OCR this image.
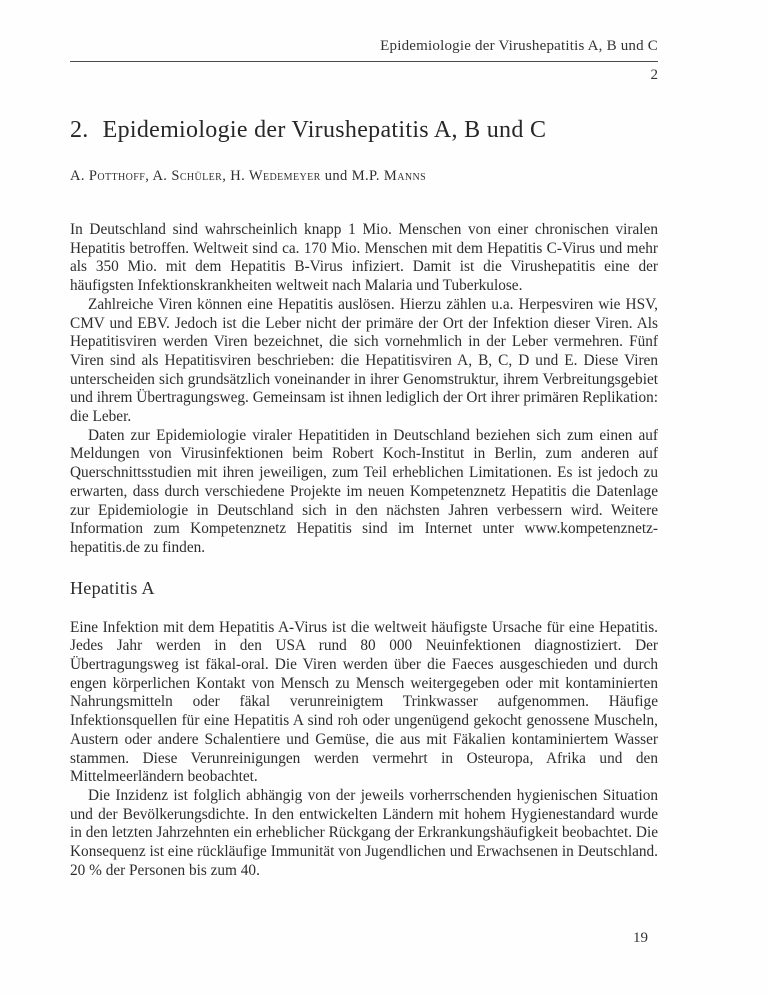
Epidemiologie der Virushepatitis A, B und C
2
2. Epidemiologie der Virushepatitis A, B und C
A. Potthoff, A. Schüler, H. Wedemeyer und M.P. Manns

In Deutschland sind wahrscheinlich knapp 1 Mio. Menschen von einer chronischen viralen Hepatitis betroffen. Weltweit sind ca. 170 Mio. Menschen mit dem Hepatitis C-Virus und mehr als 350 Mio. mit dem Hepatitis B-Virus infiziert. Damit ist die Virushepatitis eine der häufigsten Infektionskrankheiten weltweit nach Malaria und Tuberkulose.

Zahlreiche Viren können eine Hepatitis auslösen. Hierzu zählen u.a. Herpesviren wie HSV, CMV und EBV. Jedoch ist die Leber nicht der primäre der Ort der Infektion dieser Viren. Als Hepatitisviren werden Viren bezeichnet, die sich vornehmlich in der Leber vermehren. Fünf Viren sind als Hepatitisviren beschrieben: die Hepatitisviren A, B, C, D und E. Diese Viren unterscheiden sich grundsätzlich voneinander in ihrer Genomstruktur, ihrem Verbreitungsgebiet und ihrem Übertragungsweg. Gemeinsam ist ihnen lediglich der Ort ihrer primären Replikation: die Leber.

Daten zur Epidemiologie viraler Hepatitiden in Deutschland beziehen sich zum einen auf Meldungen von Virusinfektionen beim Robert Koch-Institut in Berlin, zum anderen auf Querschnittsstudien mit ihren jeweiligen, zum Teil erheblichen Limitationen. Es ist jedoch zu erwarten, dass durch verschiedene Projekte im neuen Kompetenznetz Hepatitis die Datenlage zur Epidemiologie in Deutschland sich in den nächsten Jahren verbessern wird. Weitere Information zum Kompetenznetz Hepatitis sind im Internet unter www.kompetenznetz-hepatitis.de zu finden.

Hepatitis A

Eine Infektion mit dem Hepatitis A-Virus ist die weltweit häufigste Ursache für eine Hepatitis. Jedes Jahr werden in den USA rund 80 000 Neuinfektionen diagnostiziert. Der Übertragungsweg ist fäkal-oral. Die Viren werden über die Faeces ausgeschieden und durch engen körperlichen Kontakt von Mensch zu Mensch weitergegeben oder mit kontaminierten Nahrungsmitteln oder fäkal verunreinigtem Trinkwasser aufgenommen. Häufige Infektionsquellen für eine Hepatitis A sind roh oder ungenügend gekocht genossene Muscheln, Austern oder andere Schalentiere und Gemüse, die aus mit Fäkalien kontaminiertem Wasser stammen. Diese Verunreinigungen werden vermehrt in Osteuropa, Afrika und den Mittelmeerländern beobachtet.

Die Inzidenz ist folglich abhängig von der jeweils vorherrschenden hygienischen Situation und der Bevölkerungsdichte. In den entwickelten Ländern mit hohem Hygienestandard wurde in den letzten Jahrzehnten ein erheblicher Rückgang der Erkrankungshäufigkeit beobachtet. Die Konsequenz ist eine rückläufige Immunität von Jugendlichen und Erwachsenen in Deutschland. 20 % der Personen bis zum 40.

19
